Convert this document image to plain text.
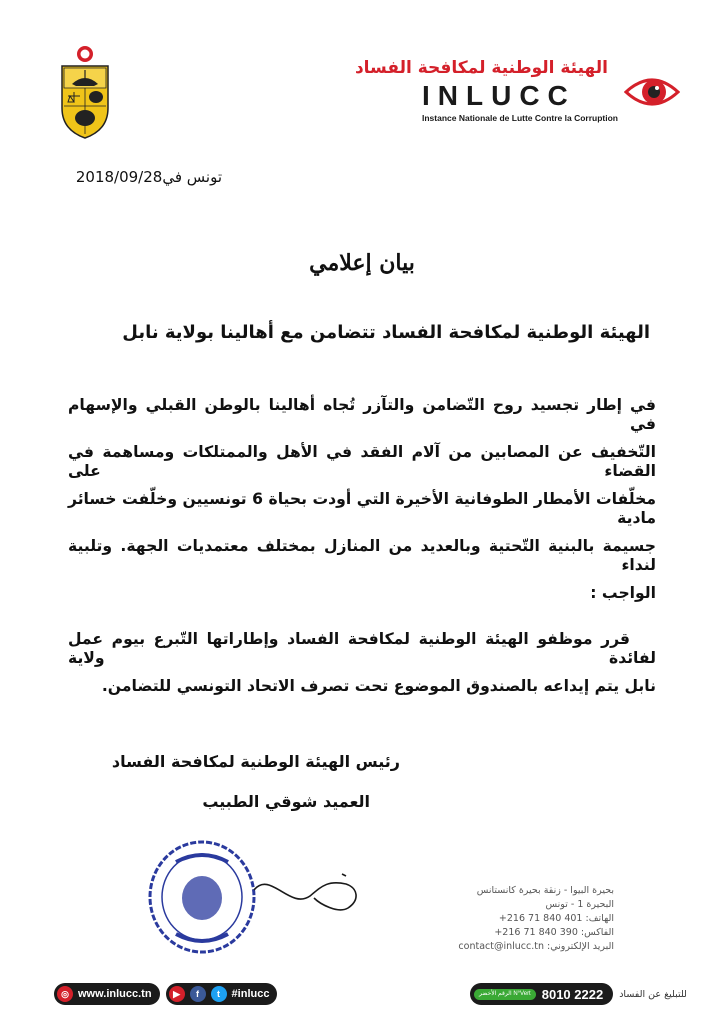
الهيئة الوطنية لمكافحة الفساد
INLUCC
Instance Nationale de Lutte Contre la Corruption
تونس في2018/09/28
بيان إعلامي
الهيئة الوطنية لمكافحة الفساد تتضامن مع أهالينا بولاية نابل
في إطار تجسيد روح التّضامن والتآزر تُجاه أهالينا بالوطن القبلي والإسهام في
التّخفيف عن المصابين من آلام الفقد في الأهل والممتلكات ومساهمة في القضاء على
مخلّفات الأمطار الطوفانية الأخيرة التي أودت بحياة 6 تونسيين وخلّفت خسائر مادية
جسيمة بالبنية التّحتية وبالعديد من المنازل بمختلف معتمديات الجهة. وتلبية لنداء
الواجب :
قرر موظفو الهيئة الوطنية لمكافحة الفساد وإطاراتها التّبرع بيوم عمل لفائدة ولاية
نابل يتم إيداعه بالصندوق الموضوع تحت تصرف الاتحاد التونسي للتضامن.
رئيس الهيئة الوطنية لمكافحة الفساد
العميد شوقي الطبيب
بحيرة البيوا - زنقة بحيرة كانستانس
البحيرة 1 - تونس
الهاتف: 401 840 71 216+
الفاكس: 390 840 71 216+
البريد الإلكتروني: contact@inlucc.tn
◎ www.inlucc.tn	▶	f	t	#inlucc	الرقم الأخضر N°Vert 8010 2222 للتبليغ عن الفساد
